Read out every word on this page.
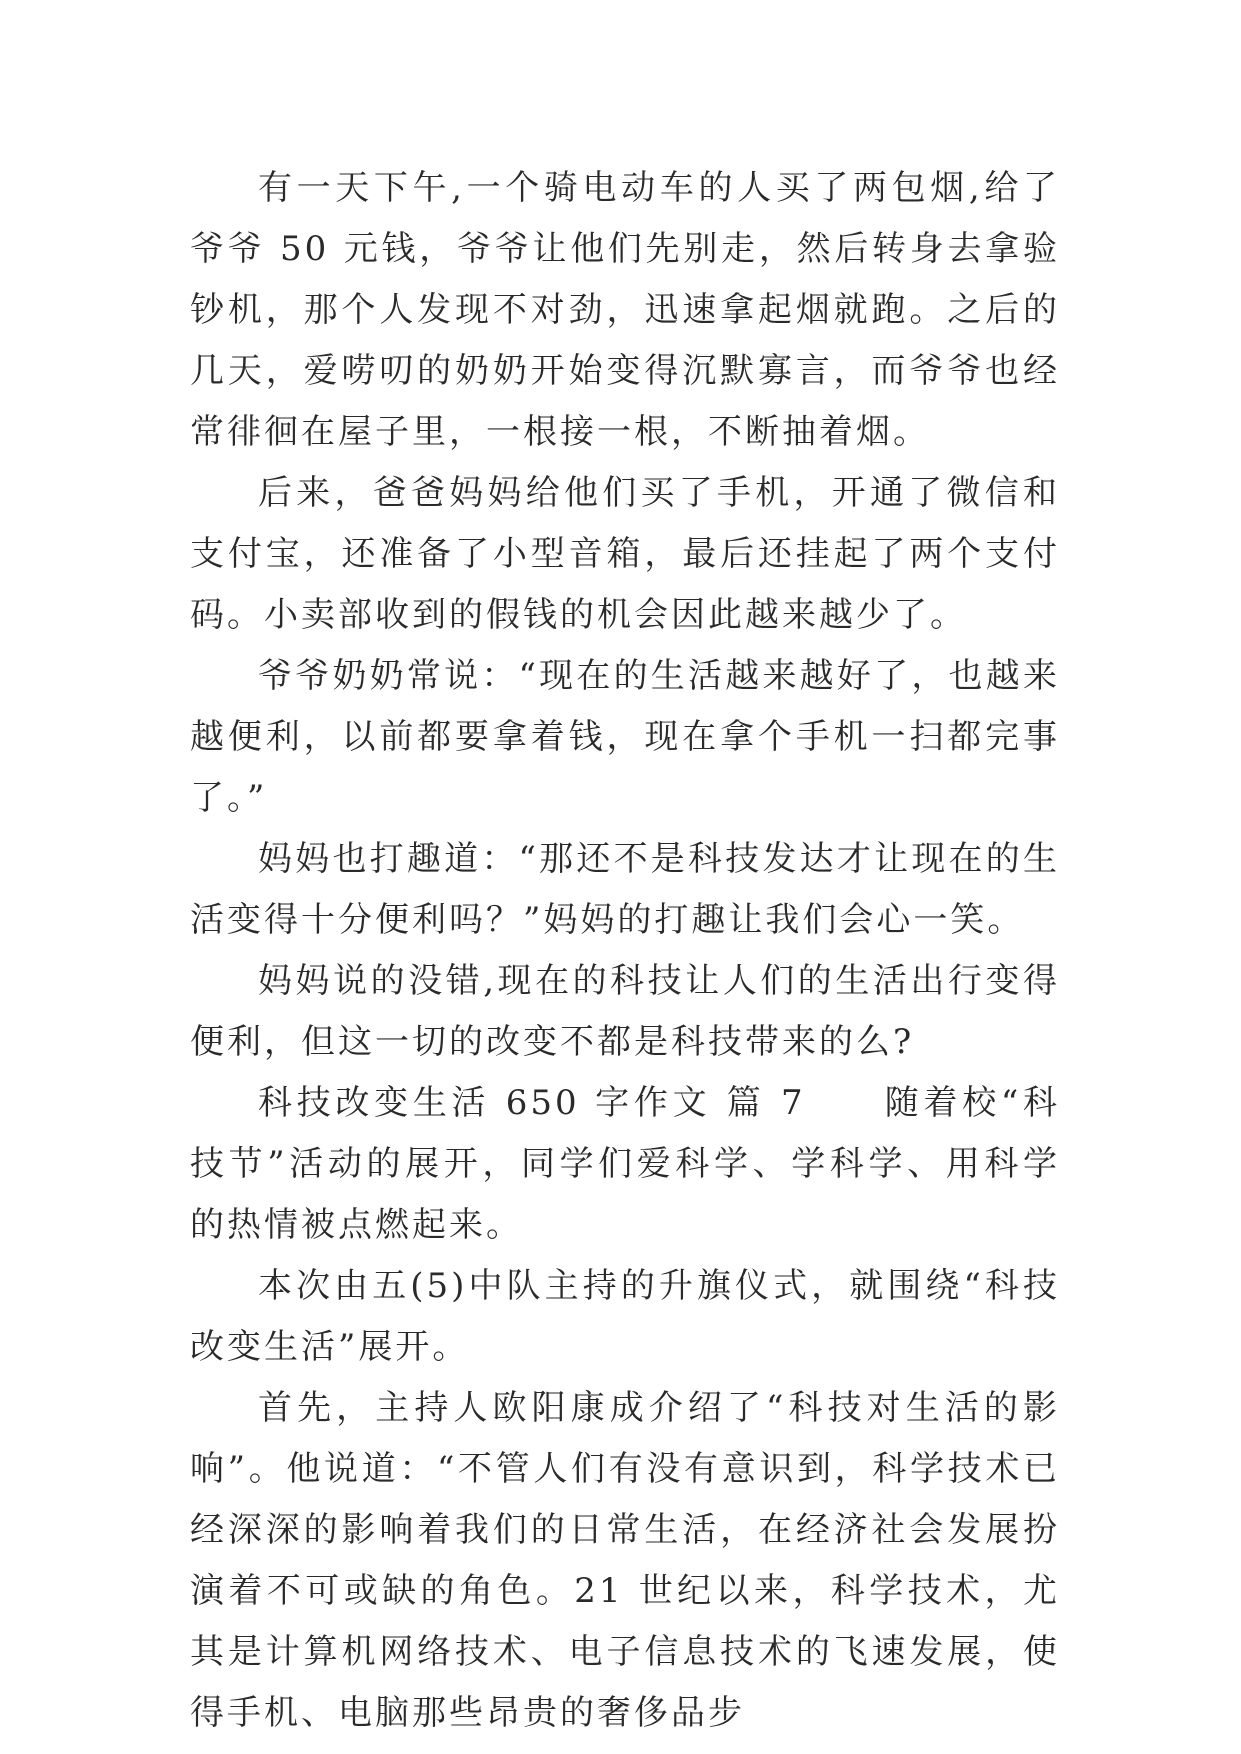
有一天下午,一个骑电动车的人买了两包烟,给了爷爷 50 元钱，爷爷让他们先别走，然后转身去拿验钞机，那个人发现不对劲，迅速拿起烟就跑。之后的几天，爱唠叨的奶奶开始变得沉默寡言，而爷爷也经常徘徊在屋子里，一根接一根，不断抽着烟。

后来，爸爸妈妈给他们买了手机，开通了微信和支付宝，还准备了小型音箱，最后还挂起了两个支付码。小卖部收到的假钱的机会因此越来越少了。

爷爷奶奶常说：“现在的生活越来越好了，也越来越便利，以前都要拿着钱，现在拿个手机一扫都完事了。”

妈妈也打趣道：“那还不是科技发达才让现在的生活变得十分便利吗？”妈妈的打趣让我们会心一笑。

妈妈说的没错,现在的科技让人们的生活出行变得便利，但这一切的改变不都是科技带来的么?

科技改变生活 650 字作文 篇 7　　随着校“科技节”活动的展开，同学们爱科学、学科学、用科学的热情被点燃起来。

本次由五(5)中队主持的升旗仪式，就围绕“科技改变生活”展开。

首先，主持人欧阳康成介绍了“科技对生活的影响”。他说道：“不管人们有没有意识到，科学技术已经深深的影响着我们的日常生活，在经济社会发展扮演着不可或缺的角色。21 世纪以来，科学技术，尤其是计算机网络技术、电子信息技术的飞速发展，使得手机、电脑那些昂贵的奢侈品步
